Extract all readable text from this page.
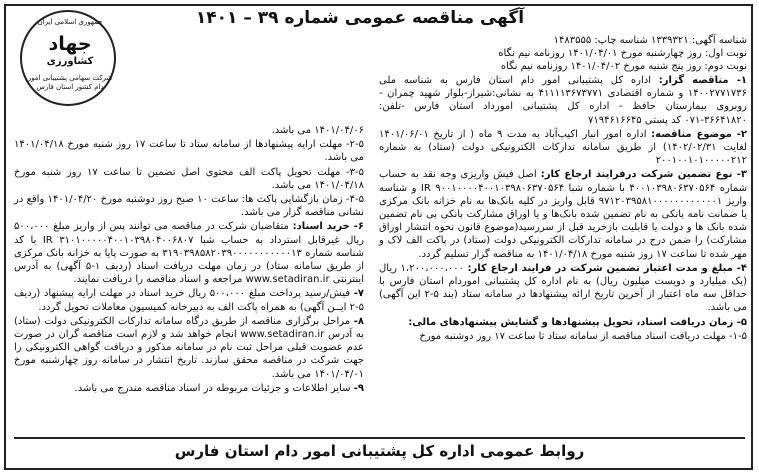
آگهی مناقصه عمومی شماره ۳۹ – ۱۴۰۱
جمهوری اسلامی ایران
جهاد
کشاورزی
شرکت سهامی پشتیبانی امور دام کشور استان فارس
شناسه آگهی: ۱۳۳۹۳۲۱ شناسه چاپ: ۱۴۸۳۵۵۵
نوبت اول: روز چهارشنبه مورخ ۱۴۰۱/۰۴/۰۱ روزنامه نیم نگاه
نوبت دوم: روز پنج شنبه مورخ ۱۴۰۱/۰۴/۰۲ روزنامه نیم نگاه

۱- مناقصه گزار: اداره کل پشتیبانی امور دام استان فارس به شناسه ملی ۱۴۰۰۲۷۷۱۷۳۶ و شماره اقتصادی ۴۱۱۱۱۳۶۷۳۷۷۱ به نشانی:شیراز-بلوار شهید چمران - روبروی بیمارستان حافظ - اداره کل پشتیبانی امورداد استان فارس -تلفن: ۳۶۶۴۱۸۲۰-۰۷۱ کد پستی ۷۱۹۴۶۱۶۶۴۵

۲- موضوع مناقصه: اداره امور انبار اکیپ‌آباد به مدت ۹ ماه ( از تاریخ ۱۴۰۱/۰۶/۰۱ لغایت ۱۴۰۲/۰۲/۳۱) از طریق سامانه تدارکات الکترونیکی دولت (ستاد) به شماره ۲۰۰۱۰۰۱۰۱۰۰۰۰۰۲۱۲

۳- نوع تضمین شرکت درفرایند ارجاع کار: اصل فیش واریزی وجه نقد به حساب شماره ۴۰۰۱۰۳۹۸۰۶۳۷۰۵۶۴ با شماره شبا IR ۹۰۰۱۰۰۰۰۴۰۰۱۰۳۹۸۰۶۳۷۰۵۶۴ و شناسه واریز ۹۷۱۲۰۳۹۵۸۱۰۰۰۰۰۰۰۰۰۰۰۰۱ قابل واریز در کلیه بانک‌ها به نام خزانه بانک مرکزی یا ضمانت نامه بانکی به نام تضمین شده بانک‌ها و یا اوراق مشارکت بانکی بی نام تضمین شده بانک ها و دولت یا قابلیت بازخرید قبل از سررسید(موضوع قانون نحوه انتشار اوراق مشارکت) را ضمن درج در سامانه تدارکات الکترونیکی دولت (ستاد) در پاکت الف لاک و مهر شده تا ساعت ۱۷ روز شنبه مورخ ۱۴۰۱/۰۴/۱۸ به مناقصه گزار تسلیم گردد.

۴- مبلغ و مدت اعتبار تضمین شرکت در فرایند ارجاع کار: ۱،۲۰۰،۰۰۰،۰۰۰ ریال (یک میلیارد و دویست میلیون ریال) به نام اداره کل پشتیبانی اموردام استان فارس با حداقل سه ماه اعتبار از آخرین تاریخ ارائه پیشنهادها در سامانه ستاد (بند ۵-۲ این آگهی) می باشد.

۵- زمان دریافت اسناد، تحویل پیشنهادها و گشایش پیشنهادهای مالی:

۱-۵- مهلت دریافت اسناد مناقصه از سامانه ستاد تا ساعت ۱۷ روز دوشنبه مورخ

۱۴۰۱/۰۴/۰۶ می باشد.

۲-۵- مهلت ارایه پیشنهادها از سامانه ستاد تا ساعت ۱۷ روز شنبه مورخ ۱۴۰۱/۰۴/۱۸ می باشد.

۳-۵- مهلت تحویل پاکت الف محتوی اصل تضمین تا ساعت ۱۷ روز شنبه مورخ ۱۴۰۱/۰۴/۱۸ می باشد.

۴-۵- زمان بازگشایی پاکت ها: ساعت ۱۰ صبح روز دوشنبه مورخ ۱۴۰۱/۰۴/۲۰ واقع در نشانی مناقصه گزار می باشد.

۶- خرید اسناد: متقاضیان شرکت در مناقصه می توانند پس از واریز مبلغ ۵۰۰،۰۰۰ ریال غیرقابل استرداد به حساب شبا IR ۳۱۰۱۰۰۰۰۰۴۰۰۱۰۳۹۸۰۴۰۰۶۸۰۷ با کد شناسه شماره ۳۱۹۰۳۹۸۵۸۲۰۳۹۰۰۰۰۰۰۰۰۰۰۰۱۳ به صورت پایا به خزانه بانک مرکزی از طریق سامانه ستاد) در زمان مهلت دریافت اسناد (ردیف ۱-۵ آگهی) به آدرس اینترنتی www.setadiran.ir مراجعه و اسناد مناقصه را دریافت نمایند.

۷- فیش/رسید پرداخت مبلغ ۵۰۰،۰۰۰ ریال خرید اسناد در مهلت ارایه پیشنهاد (ردیف ۵-۲ ایــن آگهی) به همراه پاکت الف به دبیرخانه کمیسیون معاملات تحویل گردد.

۸- مراحل برگزاری مناقصه از طریق درگاه سامانه تدارکات الکترونیکی دولت (ستاد) به آدرس www.setadiran.ir انجام خواهد شد و لازم است مناقصه گران در صورت عدم عضویت قبلی مراحل ثبت نام در سامانه مذکور و دریافت گواهی الکترونیکی را جهت شرکت در مناقصه محقق سازند. تاریخ انتشار در سامانه روز چهارشنبه مورخ ۱۴۰۱/۰۴/۰۱ می باشد.

۹- سایر اطلاعات و جزئیات مربوطه در اسناد مناقصه مندرج می باشد.

روابط عمومی اداره کل پشتیبانی امور دام استان فارس
